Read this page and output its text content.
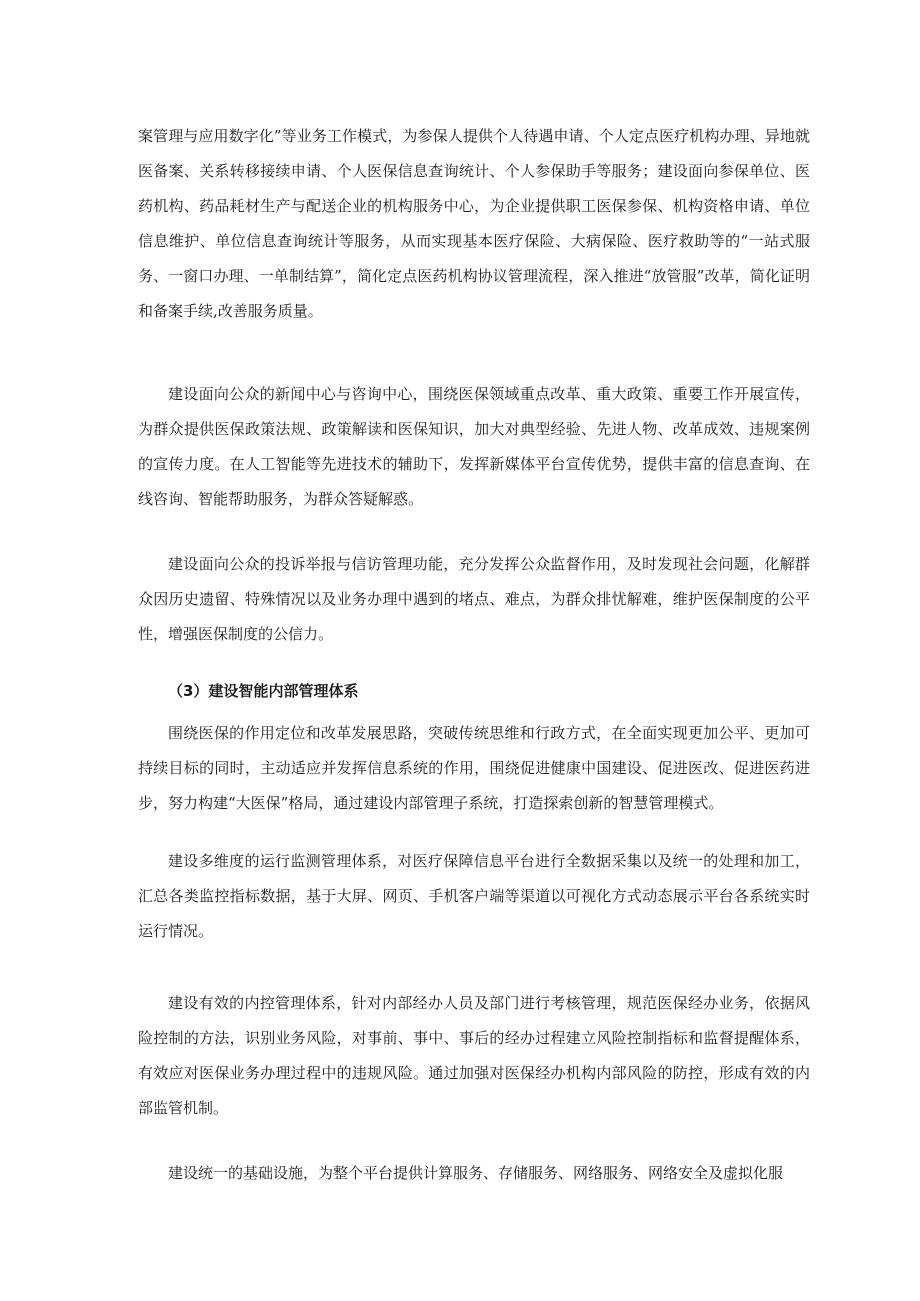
案管理与应用数字化”等业务工作模式，为参保人提供个人待遇申请、个人定点医疗机构办理、异地就医备案、关系转移接续申请、个人医保信息查询统计、个人参保助手等服务；建设面向参保单位、医药机构、药品耗材生产与配送企业的机构服务中心，为企业提供职工医保参保、机构资格申请、单位信息维护、单位信息查询统计等服务，从而实现基本医疗保险、大病保险、医疗救助等的“一站式服务、一窗口办理、一单制结算”，简化定点医药机构协议管理流程，深入推进“放管服”改革，简化证明和备案手续,改善服务质量。

建设面向公众的新闻中心与咨询中心，围绕医保领域重点改革、重大政策、重要工作开展宣传，为群众提供医保政策法规、政策解读和医保知识，加大对典型经验、先进人物、改革成效、违规案例的宣传力度。在人工智能等先进技术的辅助下，发挥新媒体平台宣传优势，提供丰富的信息查询、在线咨询、智能帮助服务，为群众答疑解惑。

建设面向公众的投诉举报与信访管理功能，充分发挥公众监督作用，及时发现社会问题，化解群众因历史遗留、特殊情况以及业务办理中遇到的堵点、难点，为群众排忧解难，维护医保制度的公平性，增强医保制度的公信力。

（3）建设智能内部管理体系

围绕医保的作用定位和改革发展思路，突破传统思维和行政方式，在全面实现更加公平、更加可持续目标的同时，主动适应并发挥信息系统的作用，围绕促进健康中国建设、促进医改、促进医药进步，努力构建“大医保”格局，通过建设内部管理子系统，打造探索创新的智慧管理模式。

建设多维度的运行监测管理体系，对医疗保障信息平台进行全数据采集以及统一的处理和加工，汇总各类监控指标数据，基于大屏、网页、手机客户端等渠道以可视化方式动态展示平台各系统实时运行情况。

建设有效的内控管理体系，针对内部经办人员及部门进行考核管理，规范医保经办业务，依据风险控制的方法，识别业务风险，对事前、事中、事后的经办过程建立风险控制指标和监督提醒体系，有效应对医保业务办理过程中的违规风险。通过加强对医保经办机构内部风险的防控，形成有效的内部监管机制。

建设统一的基础设施，为整个平台提供计算服务、存储服务、网络服务、网络安全及虚拟化服
